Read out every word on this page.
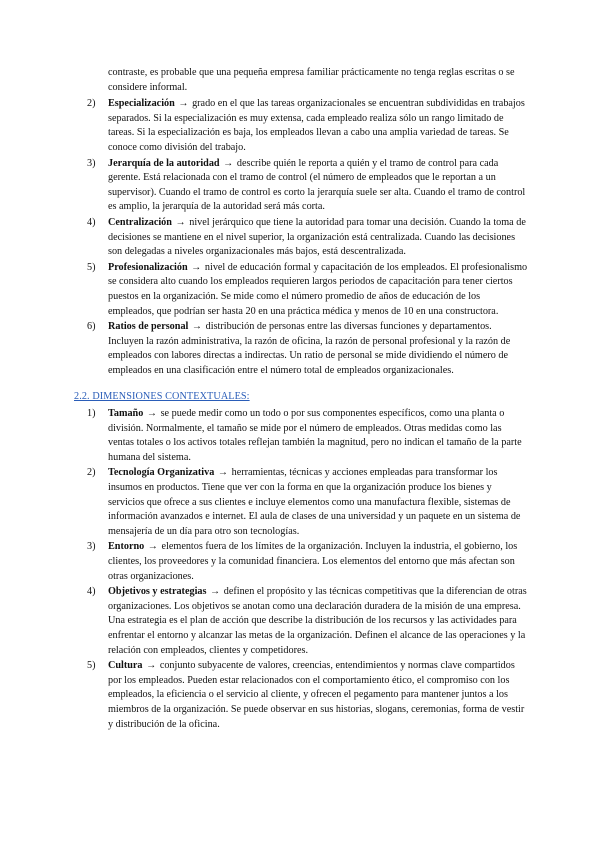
contraste, es probable que una pequeña empresa familiar prácticamente no tenga reglas escritas o se considere informal.

2) Especialización → grado en el que las tareas organizacionales se encuentran subdivididas en trabajos separados. Si la especialización es muy extensa, cada empleado realiza sólo un rango limitado de tareas. Si la especialización es baja, los empleados llevan a cabo una amplia variedad de tareas. Se conoce como división del trabajo.
3) Jerarquía de la autoridad → describe quién le reporta a quién y el tramo de control para cada gerente. Está relacionada con el tramo de control (el número de empleados que le reportan a un supervisor). Cuando el tramo de control es corto la jerarquía suele ser alta. Cuando el tramo de control es amplio, la jerarquía de la autoridad será más corta.
4) Centralización → nivel jerárquico que tiene la autoridad para tomar una decisión. Cuando la toma de decisiones se mantiene en el nivel superior, la organización está centralizada. Cuando las decisiones son delegadas a niveles organizacionales más bajos, está descentralizada.
5) Profesionalización → nivel de educación formal y capacitación de los empleados. El profesionalismo se considera alto cuando los empleados requieren largos periodos de capacitación para tener ciertos puestos en la organización. Se mide como el número promedio de años de educación de los empleados, que podrían ser hasta 20 en una práctica médica y menos de 10 en una constructora.
6) Ratios de personal → distribución de personas entre las diversas funciones y departamentos. Incluyen la razón administrativa, la razón de oficina, la razón de personal profesional y la razón de empleados con labores directas a indirectas. Un ratio de personal se mide dividiendo el número de empleados en una clasificación entre el número total de empleados organizacionales.
2.2. DIMENSIONES CONTEXTUALES:
1) Tamaño → se puede medir como un todo o por sus componentes específicos, como una planta o división. Normalmente, el tamaño se mide por el número de empleados. Otras medidas como las ventas totales o los activos totales reflejan también la magnitud, pero no indican el tamaño de la parte humana del sistema.
2) Tecnología Organizativa → herramientas, técnicas y acciones empleadas para transformar los insumos en productos. Tiene que ver con la forma en que la organización produce los bienes y servicios que ofrece a sus clientes e incluye elementos como una manufactura flexible, sistemas de información avanzados e internet. El aula de clases de una universidad y un paquete en un sistema de mensajería de un día para otro son tecnologías.
3) Entorno → elementos fuera de los límites de la organización. Incluyen la industria, el gobierno, los clientes, los proveedores y la comunidad financiera. Los elementos del entorno que más afectan son otras organizaciones.
4) Objetivos y estrategias → definen el propósito y las técnicas competitivas que la diferencian de otras organizaciones. Los objetivos se anotan como una declaración duradera de la misión de una empresa. Una estrategia es el plan de acción que describe la distribución de los recursos y las actividades para enfrentar el entorno y alcanzar las metas de la organización. Definen el alcance de las operaciones y la relación con empleados, clientes y competidores.
5) Cultura → conjunto subyacente de valores, creencias, entendimientos y normas clave compartidos por los empleados. Pueden estar relacionados con el comportamiento ético, el compromiso con los empleados, la eficiencia o el servicio al cliente, y ofrecen el pegamento para mantener juntos a los miembros de la organización. Se puede observar en sus historias, slogans, ceremonias, forma de vestir y distribución de la oficina.
